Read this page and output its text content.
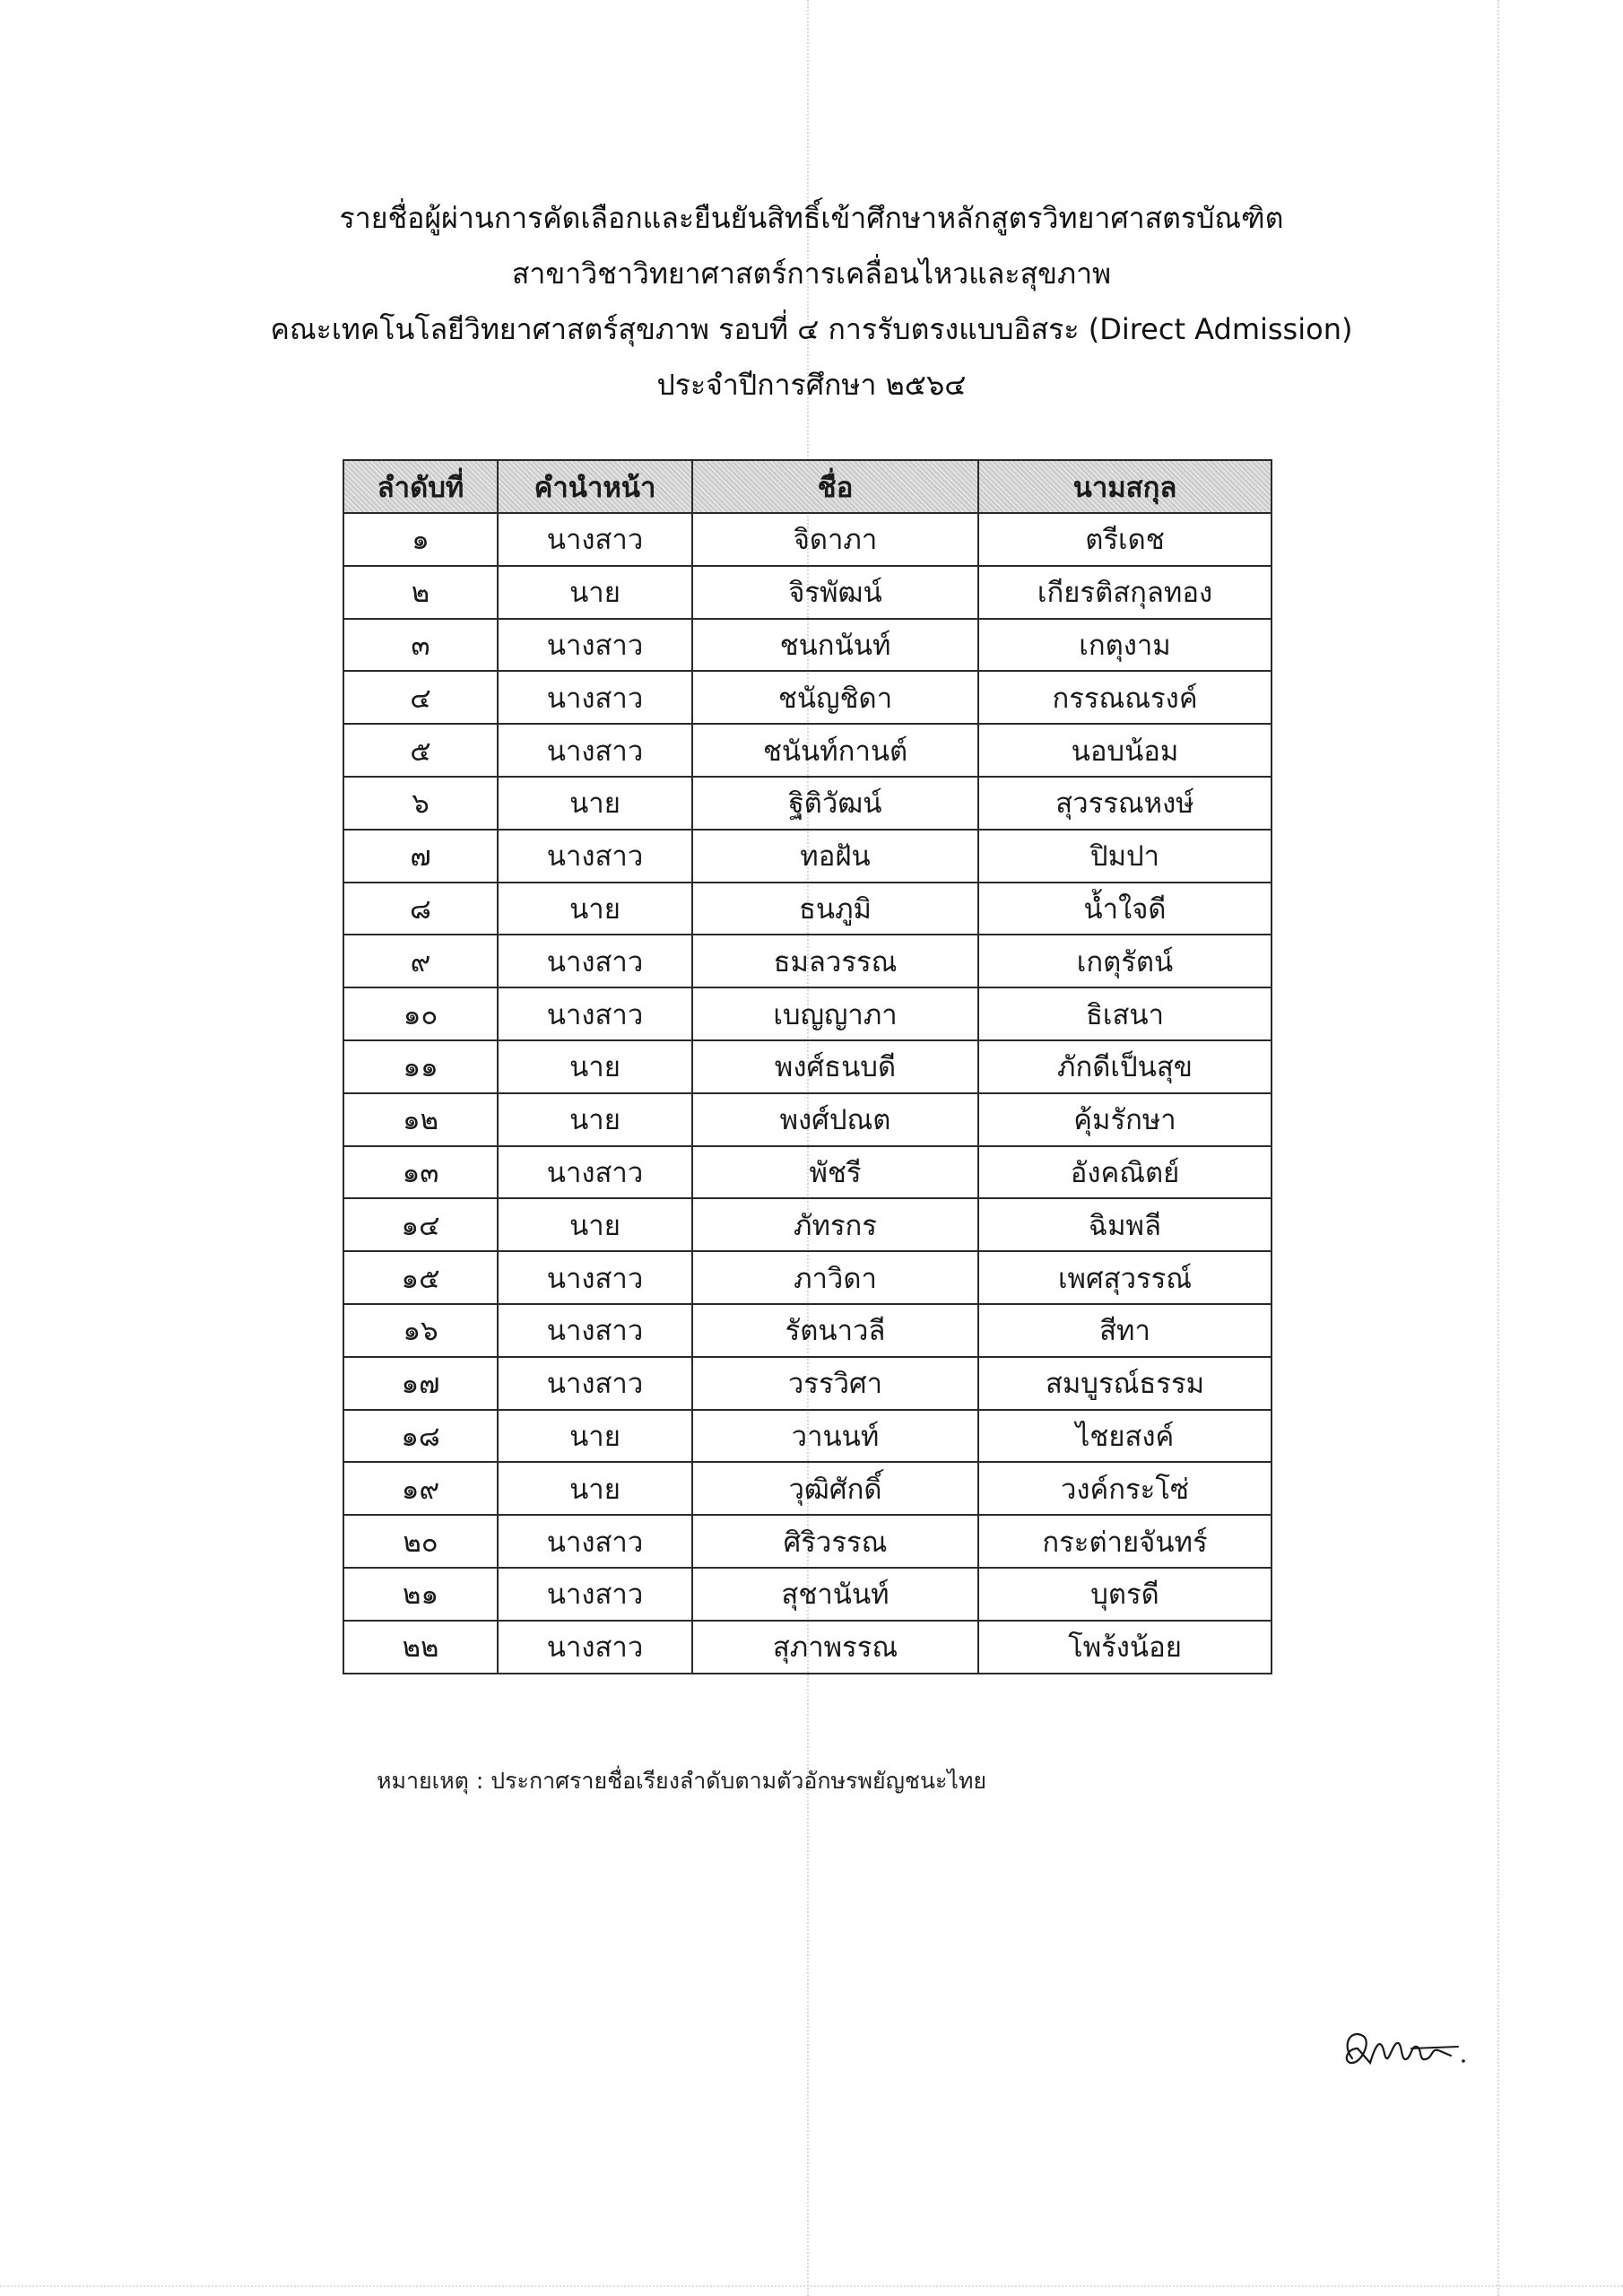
รายชื่อผู้ผ่านการคัดเลือกและยืนยันสิทธิ์เข้าศึกษาหลักสูตรวิทยาศาสตรบัณฑิต
สาขาวิชาวิทยาศาสตร์การเคลื่อนไหวและสุขภาพ
คณะเทคโนโลยีวิทยาศาสตร์สุขภาพ รอบที่ ๔ การรับตรงแบบอิสระ (Direct Admission)
ประจำปีการศึกษา ๒๕๖๔
ลำดับที่	คำนำหน้า	ชื่อ	นามสกุล
๑	นางสาว	จิดาภา	ตรีเดช
๒	นาย	จิรพัฒน์	เกียรติสกุลทอง
๓	นางสาว	ชนกนันท์	เกตุงาม
๔	นางสาว	ชนัญชิดา	กรรณณรงค์
๕	นางสาว	ชนันท์กานต์	นอบน้อม
๖	นาย	ฐิติวัฒน์	สุวรรณหงษ์
๗	นางสาว	ทอฝัน	ปิมปา
๘	นาย	ธนภูมิ	น้ำใจดี
๙	นางสาว	ธมลวรรณ	เกตุรัตน์
๑๐	นางสาว	เบญญาภา	ธิเสนา
๑๑	นาย	พงศ์ธนบดี	ภักดีเป็นสุข
๑๒	นาย	พงศ์ปณต	คุ้มรักษา
๑๓	นางสาว	พัชรี	อังคณิตย์
๑๔	นาย	ภัทรกร	ฉิมพลี
๑๕	นางสาว	ภาวิดา	เพศสุวรรณ์
๑๖	นางสาว	รัตนาวลี	สีทา
๑๗	นางสาว	วรรวิศา	สมบูรณ์ธรรม
๑๘	นาย	วานนท์	ไชยสงค์
๑๙	นาย	วุฒิศักดิ์	วงค์กระโซ่
๒๐	นางสาว	ศิริวรรณ	กระต่ายจันทร์
๒๑	นางสาว	สุชานันท์	บุตรดี
๒๒	นางสาว	สุภาพรรณ	โพร้งน้อย
หมายเหตุ : ประกาศรายชื่อเรียงลำดับตามตัวอักษรพยัญชนะไทย
